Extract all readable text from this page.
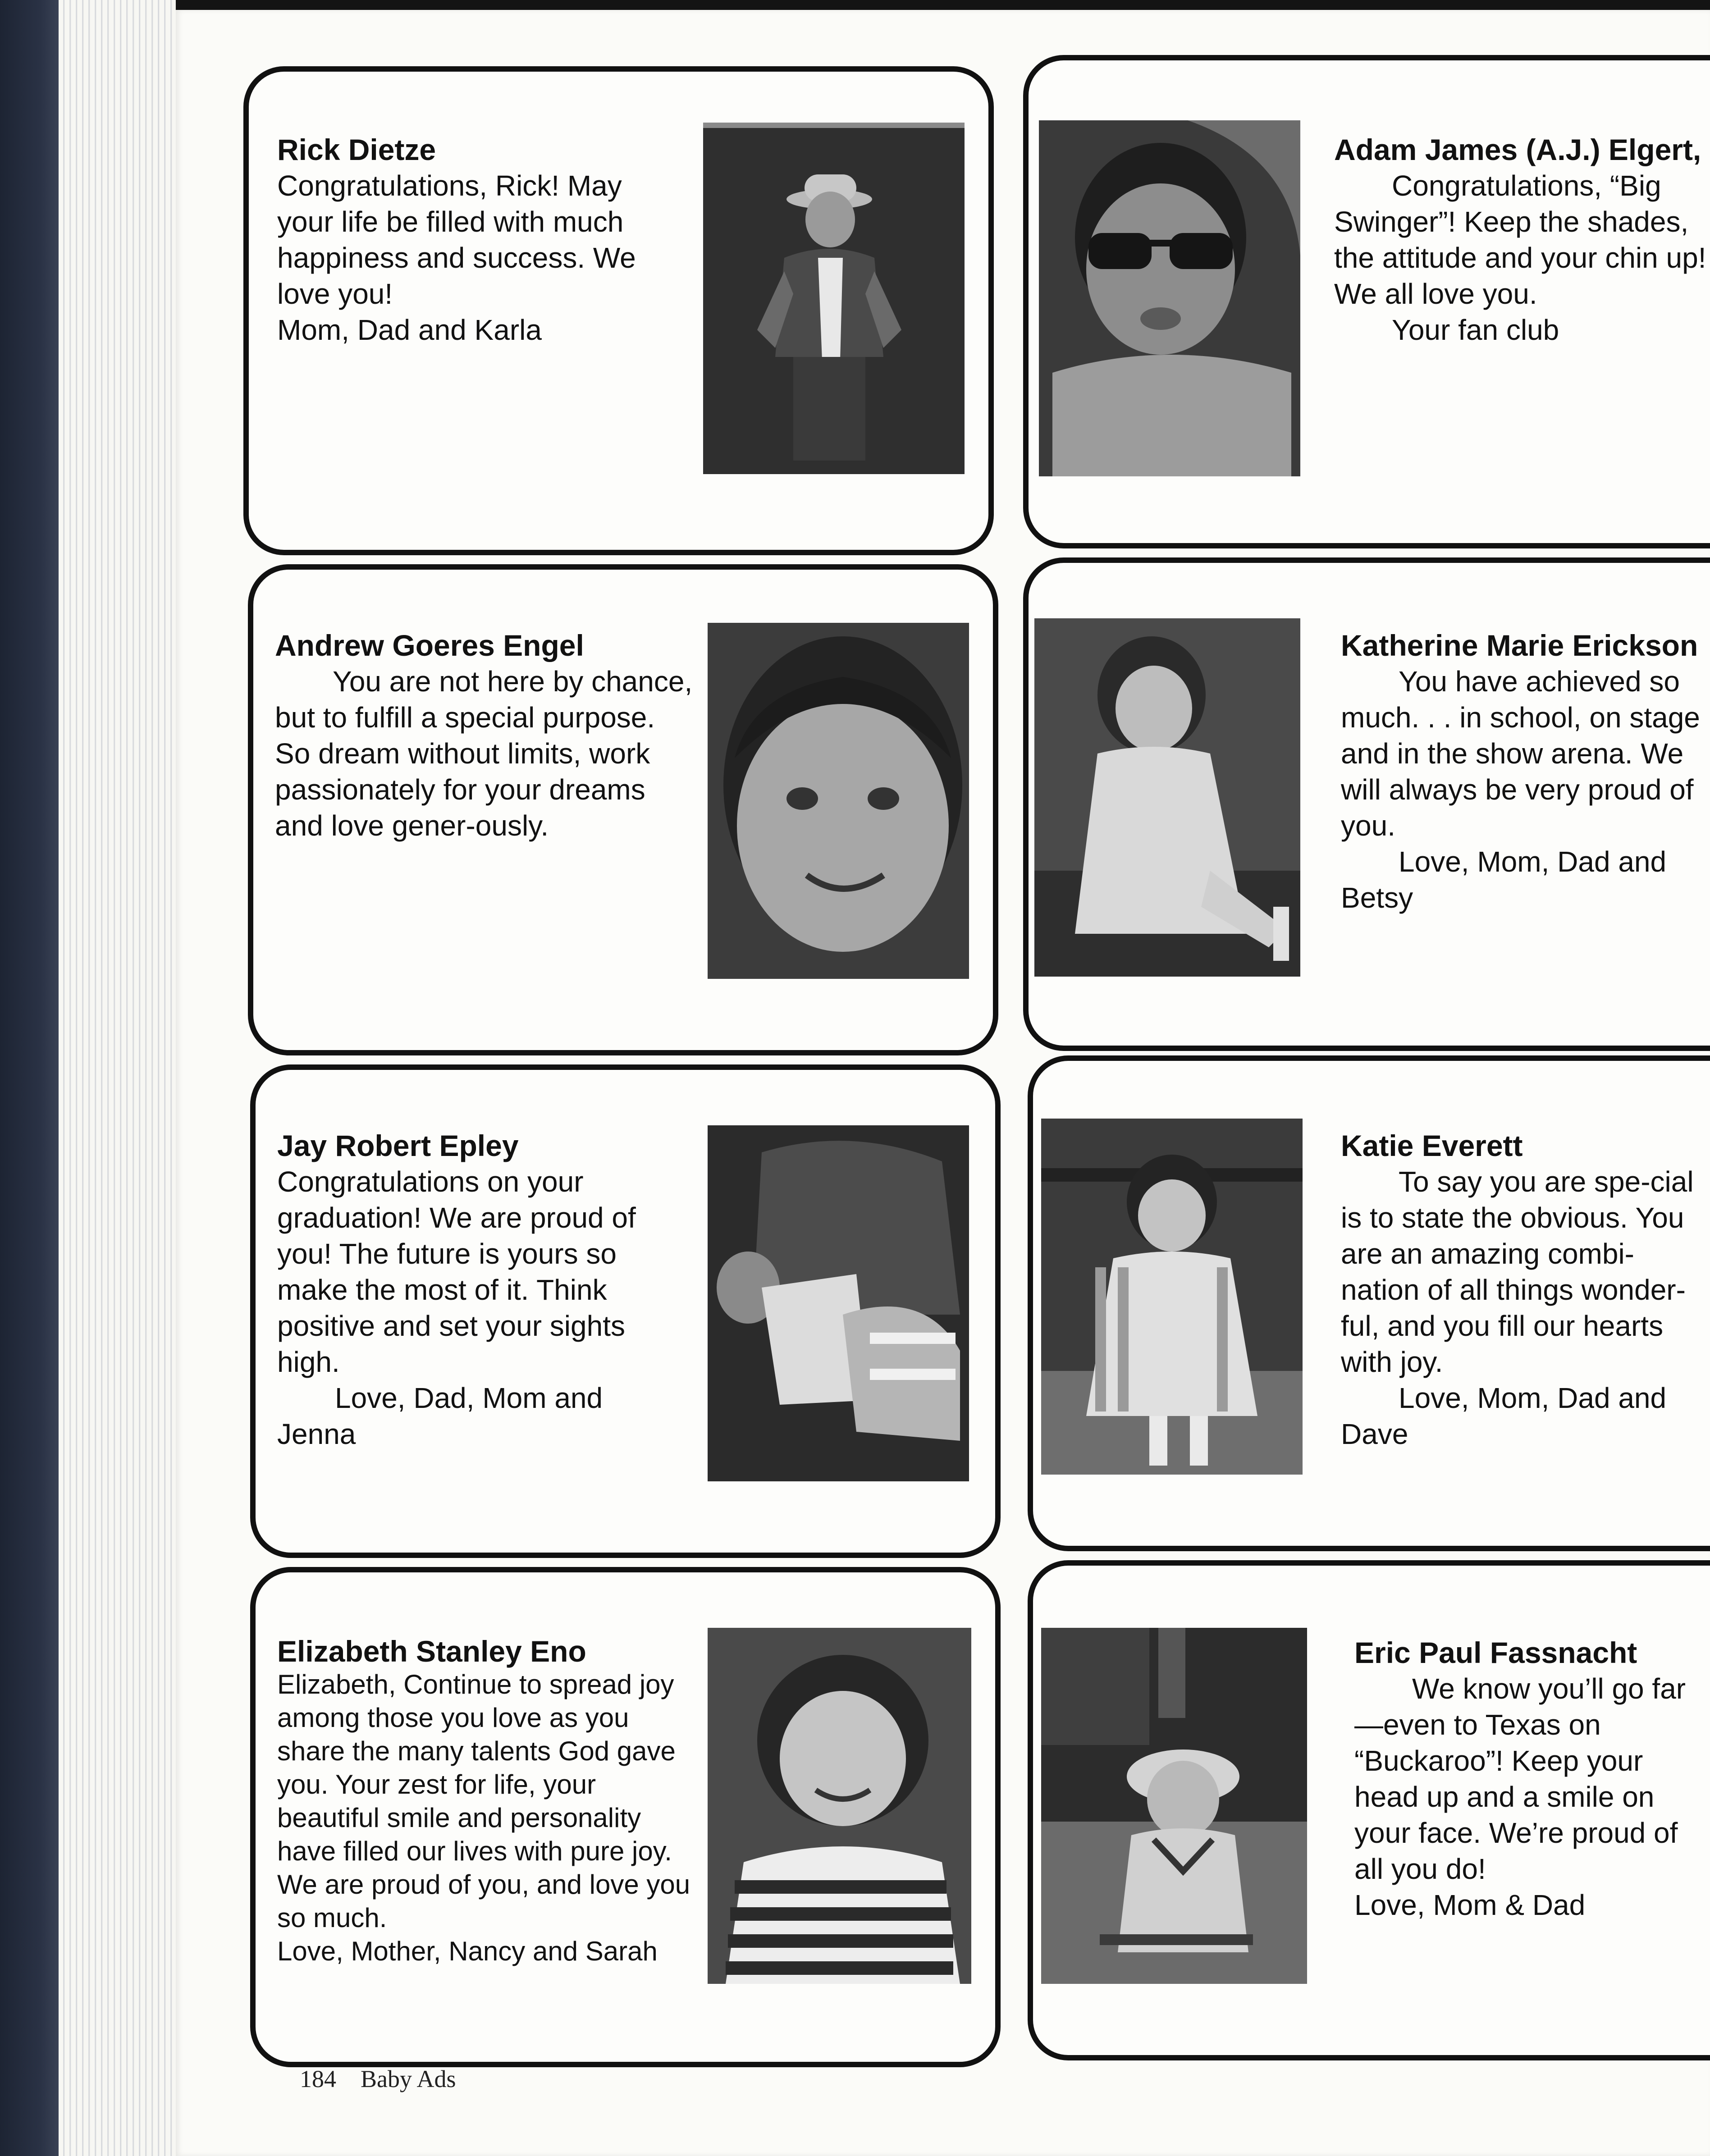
Rick Dietze
Congratulations, Rick! May your life be filled with much happiness and success. We love you!
Mom, Dad and Karla
Adam James (A.J.) Elgert,
  Congratulations, “Big Swinger”! Keep the shades, the attitude and your chin up! We all love you.
  Your fan club
Andrew Goeres Engel
  You are not here by chance, but to fulfill a special purpose. So dream without limits, work passionately for your dreams and love gener-ously.
Katherine Marie Erickson
  You have achieved so much. . . in school, on stage and in the show arena. We will always be very proud of you.
  Love, Mom, Dad and Betsy
Jay Robert Epley
Congratulations on your graduation! We are proud of you! The future is yours so make the most of it. Think positive and set your sights high.
  Love, Dad, Mom and Jenna
Katie Everett
  To say you are spe-cial is to state the obvious. You are an amazing combi-nation of all things wonder-ful, and you fill our hearts with joy.
  Love, Mom, Dad and Dave
Elizabeth Stanley Eno
Elizabeth, Continue to spread joy among those you love as you share the many talents God gave you. Your zest for life, your beautiful smile and personality have filled our lives with pure joy. We are proud of you, and love you so much.
Love, Mother, Nancy and Sarah
Eric Paul Fassnacht
  We know you’ll go far—even to Texas on “Buckaroo”! Keep your head up and a smile on your face. We’re proud of all you do!
Love, Mom & Dad
184 Baby Ads
